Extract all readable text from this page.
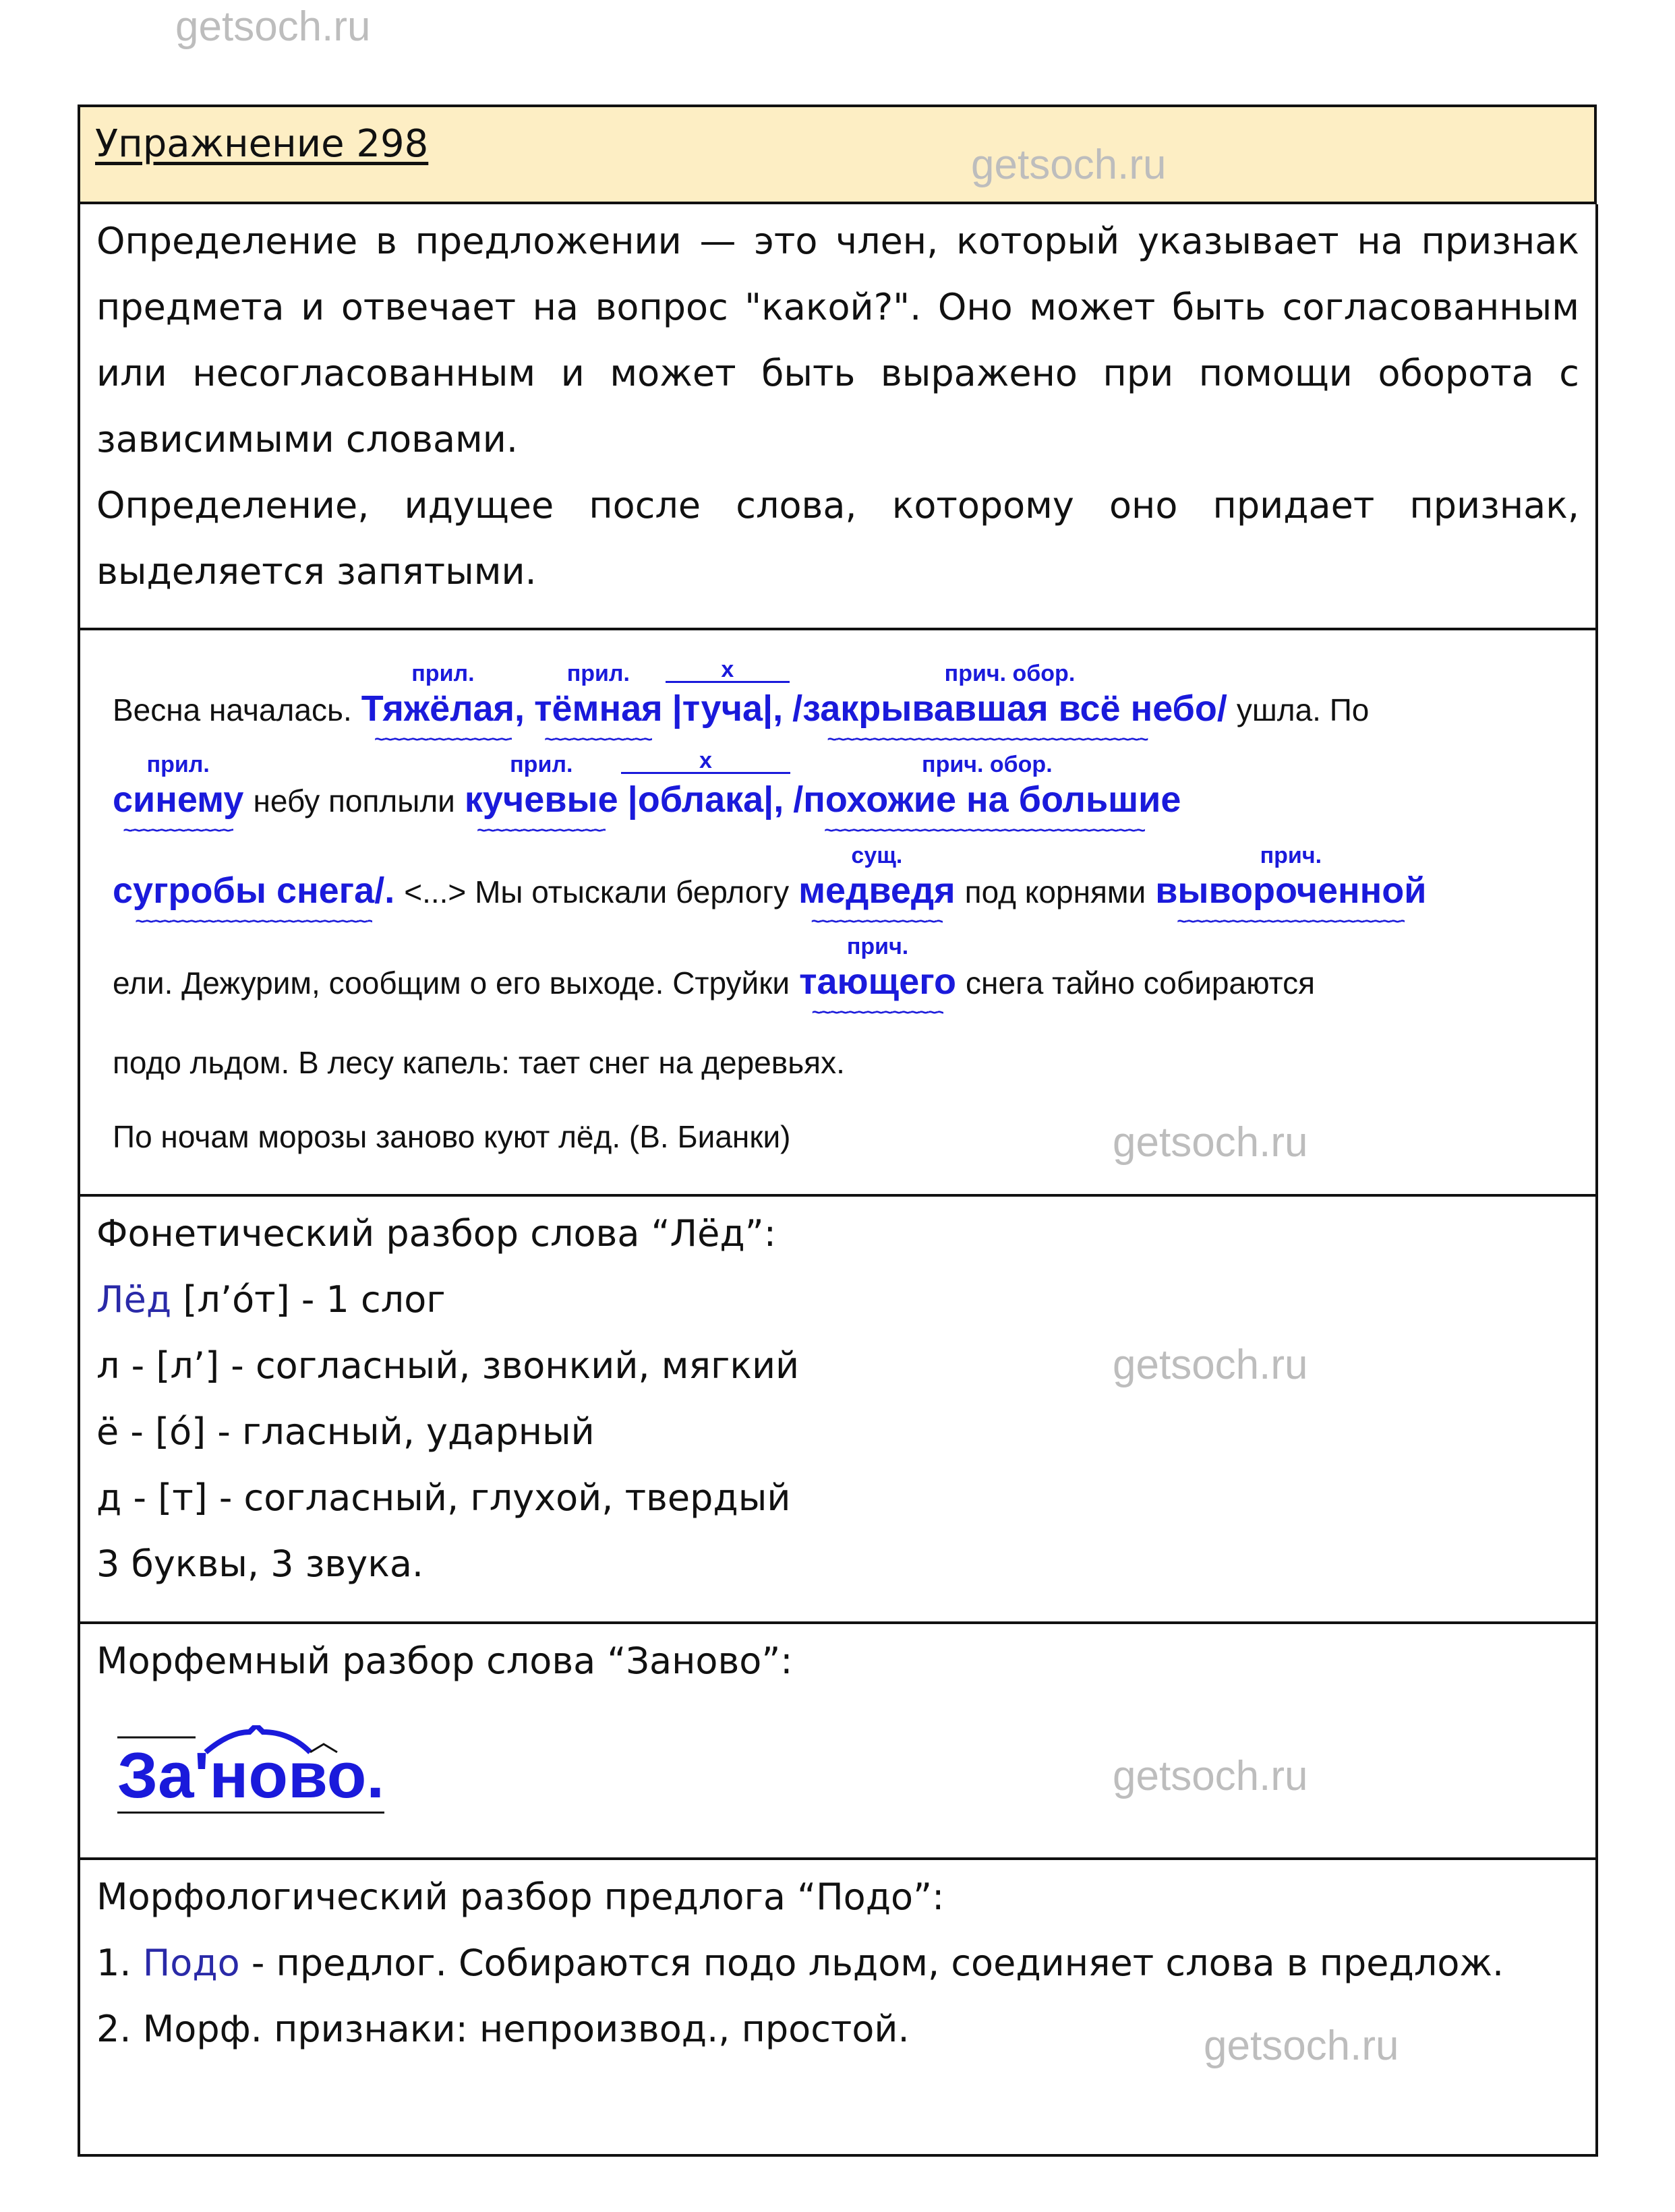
Упражнение 298
Определение в предложении — это член, который указывает на признак предмета и отвечает на вопрос "какой?". Оно может быть согласованным или несогласованным и может быть выражено при помощи оборота с зависимыми словами.
Определение, идущее после слова, которому оно придает признак, выделяется запятыми.
Весна началась. Тяжёлая,
прил.
~~~~~
тёмная
прил.
~~~~~
|туча|,
x
/закрывавшая всё небо/
прич. обор.
~~~~~
ушла. По
синему
прил.
~~~~~
небу поплыли кучевые
прил.
~~~~~
|облака|,
x
/похожие на большие
прич. обор.
~~~~~
сугробы снега/.
~~~~~ <...> Мы отыскали берлогу медведя
сущ.
~~~~~
под корнями вывороченной
прич.
~~~~~
ели. Дежурим, сообщим о его выходе. Струйки тающего
прич.
~~~~~
снега тайно собираются
подо льдом. В лесу капель: тает снег на деревьях.
По ночам морозы заново куют лёд. (В. Бианки)
Фонетический разбор слова “Лёд”:
Лёд [л’о́т] - 1 слог
л - [л’] - согласный, звонкий, мягкий
ё - [о́] - гласный, ударный
д - [т] - согласный, глухой, твердый
3 буквы, 3 звука.
Морфемный разбор слова “Заново”:
За'ново.
Морфологический разбор предлога “Подо”:
1. Подо - предлог. Собираются подо льдом, соединяет слова в предлож.
2. Морф. признаки: непроизвод., простой.
getsoch.ru
getsoch.ru
getsoch.ru
getsoch.ru
getsoch.ru
getsoch.ru
